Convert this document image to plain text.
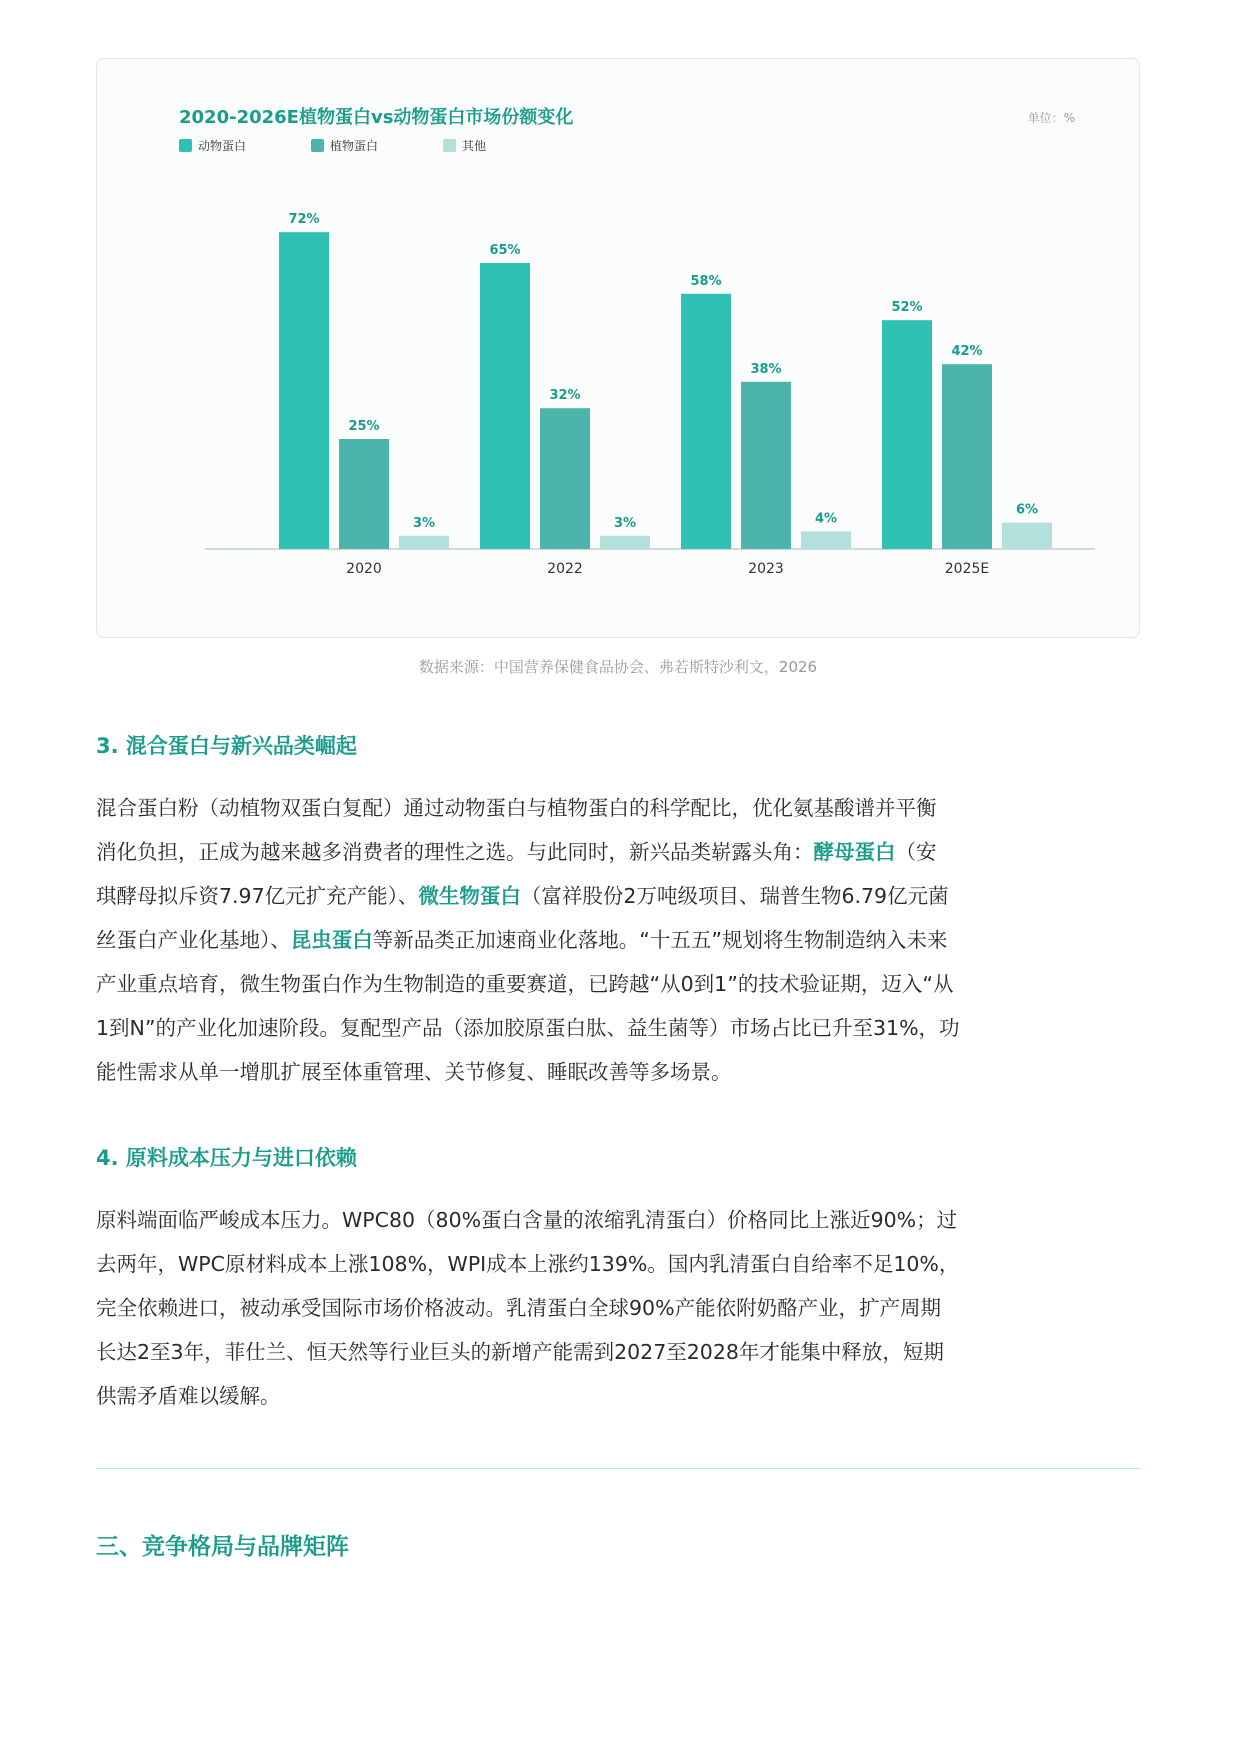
2020-2026E植物蛋白vs动物蛋白市场份额变化	单位：%
动物蛋白	植物蛋白	其他
72%
25%
3%
2020
65%
32%
3%
2022
58%
38%
4%
2023
52%
42%
6%
2025E
数据来源：中国营养保健食品协会、弗若斯特沙利文，2026
3. 混合蛋白与新兴品类崛起
混合蛋白粉（动植物双蛋白复配）通过动物蛋白与植物蛋白的科学配比，优化氨基酸谱并平衡
消化负担，正成为越来越多消费者的理性之选。与此同时，新兴品类崭露头角：酵母蛋白（安
琪酵母拟斥资7.97亿元扩充产能）、微生物蛋白（富祥股份2万吨级项目、瑞普生物6.79亿元菌
丝蛋白产业化基地）、昆虫蛋白等新品类正加速商业化落地。“十五五”规划将生物制造纳入未来
产业重点培育，微生物蛋白作为生物制造的重要赛道，已跨越“从0到1”的技术验证期，迈入“从
1到N”的产业化加速阶段。复配型产品（添加胶原蛋白肽、益生菌等）市场占比已升至31%，功
能性需求从单一增肌扩展至体重管理、关节修复、睡眠改善等多场景。
4. 原料成本压力与进口依赖
原料端面临严峻成本压力。WPC80（80%蛋白含量的浓缩乳清蛋白）价格同比上涨近90%；过
去两年，WPC原材料成本上涨108%，WPI成本上涨约139%。国内乳清蛋白自给率不足10%，
完全依赖进口，被动承受国际市场价格波动。乳清蛋白全球90%产能依附奶酪产业，扩产周期
长达2至3年，菲仕兰、恒天然等行业巨头的新增产能需到2027至2028年才能集中释放，短期
供需矛盾难以缓解。
三、竞争格局与品牌矩阵
